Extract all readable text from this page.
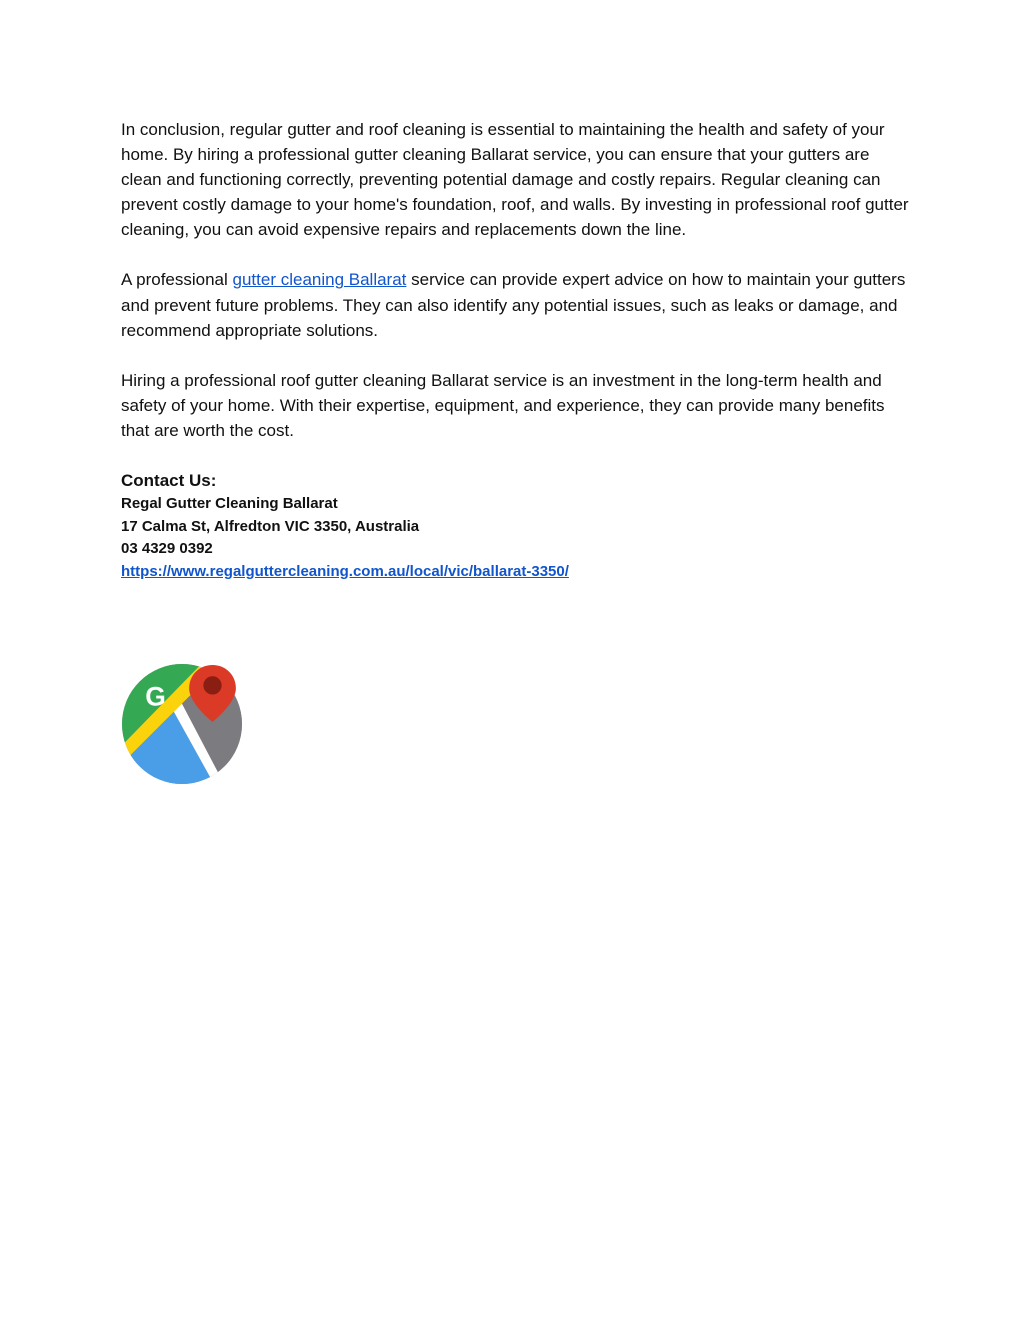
In conclusion, regular gutter and roof cleaning is essential to maintaining the health and safety of your home. By hiring a professional gutter cleaning Ballarat service, you can ensure that your gutters are clean and functioning correctly, preventing potential damage and costly repairs. Regular cleaning can prevent costly damage to your home's foundation, roof, and walls. By investing in professional roof gutter cleaning, you can avoid expensive repairs and replacements down the line.

A professional gutter cleaning Ballarat service can provide expert advice on how to maintain your gutters and prevent future problems. They can also identify any potential issues, such as leaks or damage, and recommend appropriate solutions.

Hiring a professional roof gutter cleaning Ballarat service is an investment in the long-term health and safety of your home. With their expertise, equipment, and experience, they can provide many benefits that are worth the cost.

Contact Us:

Regal Gutter Cleaning Ballarat

17 Calma St, Alfredton VIC 3350, Australia

03 4329 0392

https://www.regalguttercleaning.com.au/local/vic/ballarat-3350/

G
